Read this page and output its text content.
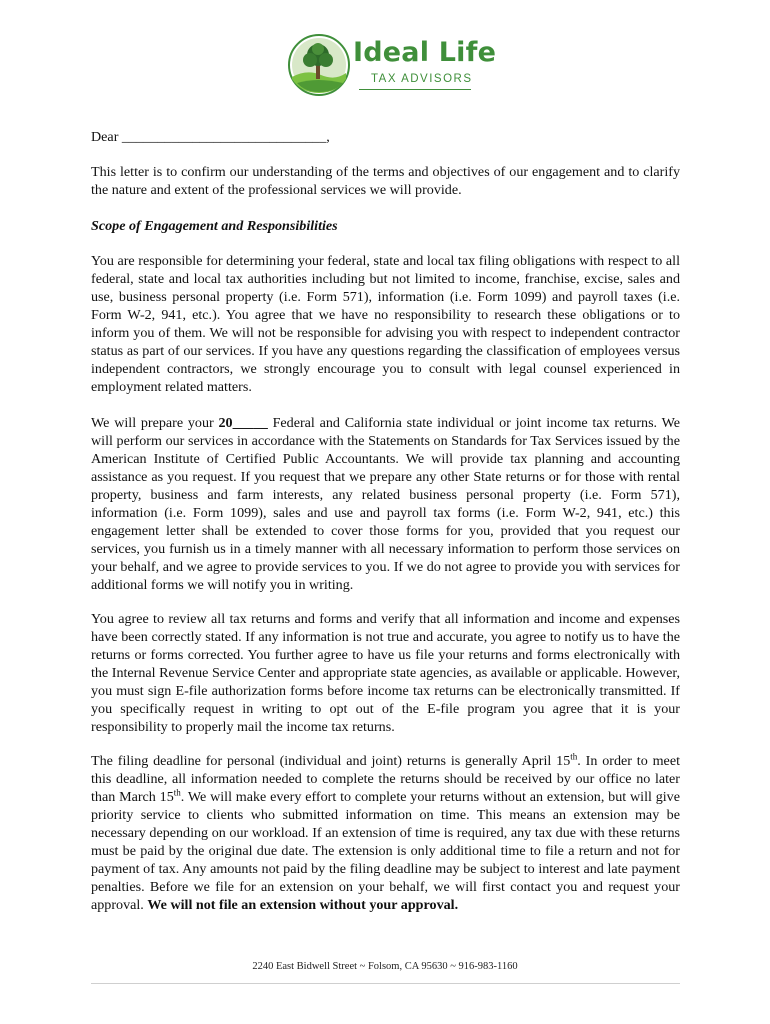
Ideal Life
TAX ADVISORS
Dear _____________________________,

This letter is to confirm our understanding of the terms and objectives of our engagement and to clarify the nature and extent of the professional services we will provide.

Scope of Engagement and Responsibilities

You are responsible for determining your federal, state and local tax filing obligations with respect to all federal, state and local tax authorities including but not limited to income, franchise, excise, sales and use, business personal property (i.e. Form 571), information (i.e. Form 1099) and payroll taxes (i.e. Form W-2, 941, etc.). You agree that we have no responsibility to research these obligations or to inform you of them. We will not be responsible for advising you with respect to independent contractor status as part of our services. If you have any questions regarding the classification of employees versus independent contractors, we strongly encourage you to consult with legal counsel experienced in employment related matters.

We will prepare your 20_____ Federal and California state individual or joint income tax returns. We will perform our services in accordance with the Statements on Standards for Tax Services issued by the American Institute of Certified Public Accountants. We will provide tax planning and accounting assistance as you request. If you request that we prepare any other State returns or for those with rental property, business and farm interests, any related business personal property (i.e. Form 571), information (i.e. Form 1099), sales and use and payroll tax forms (i.e. Form W-2, 941, etc.) this engagement letter shall be extended to cover those forms for you, provided that you request our services, you furnish us in a timely manner with all necessary information to perform those services on your behalf, and we agree to provide services to you. If we do not agree to provide you with services for additional forms we will notify you in writing.

You agree to review all tax returns and forms and verify that all information and income and expenses have been correctly stated. If any information is not true and accurate, you agree to notify us to have the returns or forms corrected. You further agree to have us file your returns and forms electronically with the Internal Revenue Service Center and appropriate state agencies, as available or applicable. However, you must sign E-file authorization forms before income tax returns can be electronically transmitted. If you specifically request in writing to opt out of the E-file program you agree that it is your responsibility to properly mail the income tax returns.

The filing deadline for personal (individual and joint) returns is generally April 15th. In order to meet this deadline, all information needed to complete the returns should be received by our office no later than March 15th. We will make every effort to complete your returns without an extension, but will give priority service to clients who submitted information on time. This means an extension may be necessary depending on our workload. If an extension of time is required, any tax due with these returns must be paid by the original due date. The extension is only additional time to file a return and not for payment of tax. Any amounts not paid by the filing deadline may be subject to interest and late payment penalties. Before we file for an extension on your behalf, we will first contact you and request your approval. We will not file an extension without your approval.

2240 East Bidwell Street ~ Folsom, CA 95630 ~ 916-983-1160
